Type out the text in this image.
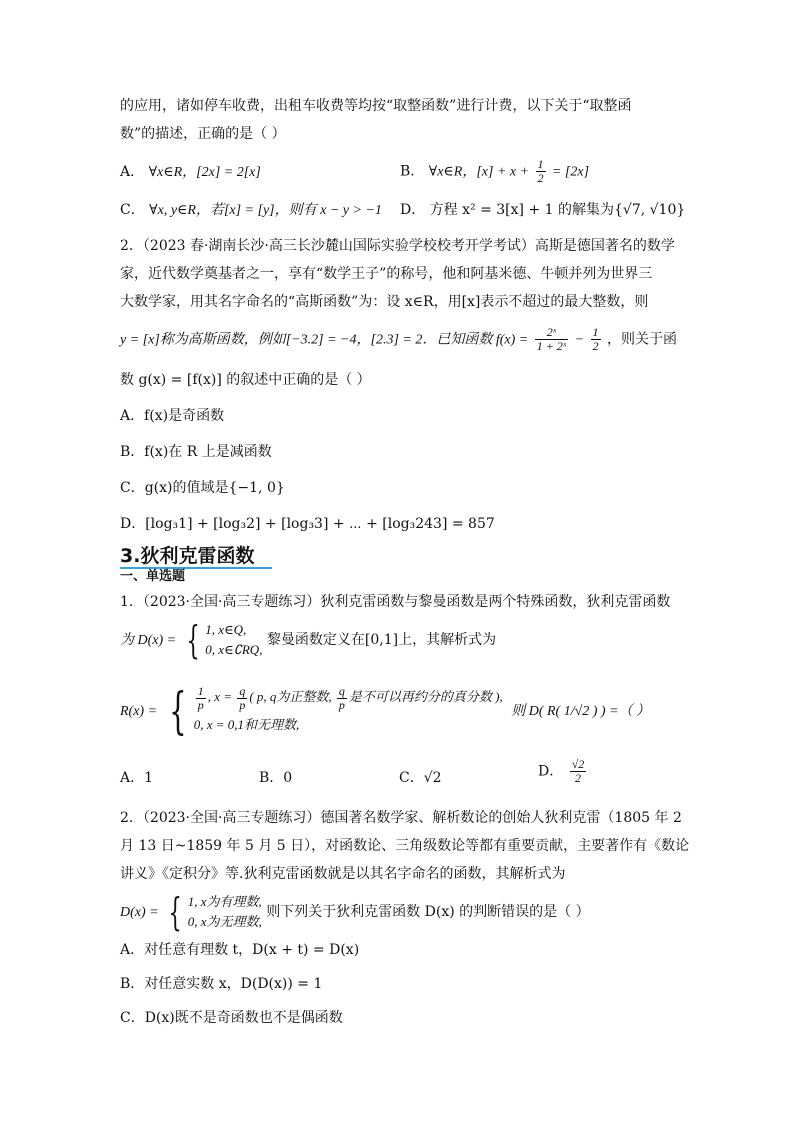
的应用，诸如停车收费，出租车收费等均按“取整函数”进行计费，以下关于“取整函
数”的描述，正确的是（ ）
A． ∀x∈R，[2x] = 2[x]	B． ∀x∈R，$[x] + x + \frac{1}{2} = [2x]$
C． ∀x, y∈R，若[x] = [y]，则有 x − y > −1 D． 方程 x² = 3[x] + 1 的解集为{√7, √10}
2．（2023 春·湖南长沙·高三长沙麓山国际实验学校校考开学考试）高斯是德国著名的数学
家，近代数学奠基者之一，享有“数学王子”的称号，他和阿基米德、牛顿并列为世界三
大数学家，用其名字命名的“高斯函数”为：设 x∈R，用[x]表示不超过的最大整数，则
y = [x]称为高斯函数，例如[−3.2] = −4，[2.3] = 2．已知函数 $f(x) = \frac{\text{2ˣ}}{\text{1 + 2ˣ}} - \frac{1}{2}$ ，则关于函
数 g(x) = [f(x)] 的叙述中正确的是（ ）
A．f(x)是奇函数
B．f(x)在 R 上是减函数
C．g(x)的值域是{−1, 0}
D．[log₃1] + [log₃2] + [log₃3] + ⋯ + [log₃243] = 857
3.狄利克雷函数
一、单选题
1．（2023·全国·高三专题练习）狄利克雷函数与黎曼函数是两个特殊函数，狄利克雷函数
为 D(x) = { 1, x∈Q,
0, x∈∁RQ,
黎曼函数定义在[0,1]上，其解析式为
R(x) = { $\frac{1}{p}$ , $x = \frac{q}{p}$ ( p, q为正整数, $\frac{q}{p}$ 是不可以再约分的真分数 ),
0, x = 0,1和无理数,
则 D( R( 1/√2 ) ) =（ ）
A．1	B．0	C．√2	D． $\frac{√2}{2}$
2．（2023·全国·高三专题练习）德国著名数学家、解析数论的创始人狄利克雷（1805 年 2
月 13 日~1859 年 5 月 5 日），对函数论、三角级数论等都有重要贡献，主要著作有《数论
讲义》《定积分》等.狄利克雷函数就是以其名字命名的函数，其解析式为
D(x) = { 1, x为有理数,
0, x为无理数,
则下列关于狄利克雷函数 D(x) 的判断错误的是（ ）
A．对任意有理数 t，D(x + t) = D(x)
B．对任意实数 x，D(D(x)) = 1
C．D(x)既不是奇函数也不是偶函数
